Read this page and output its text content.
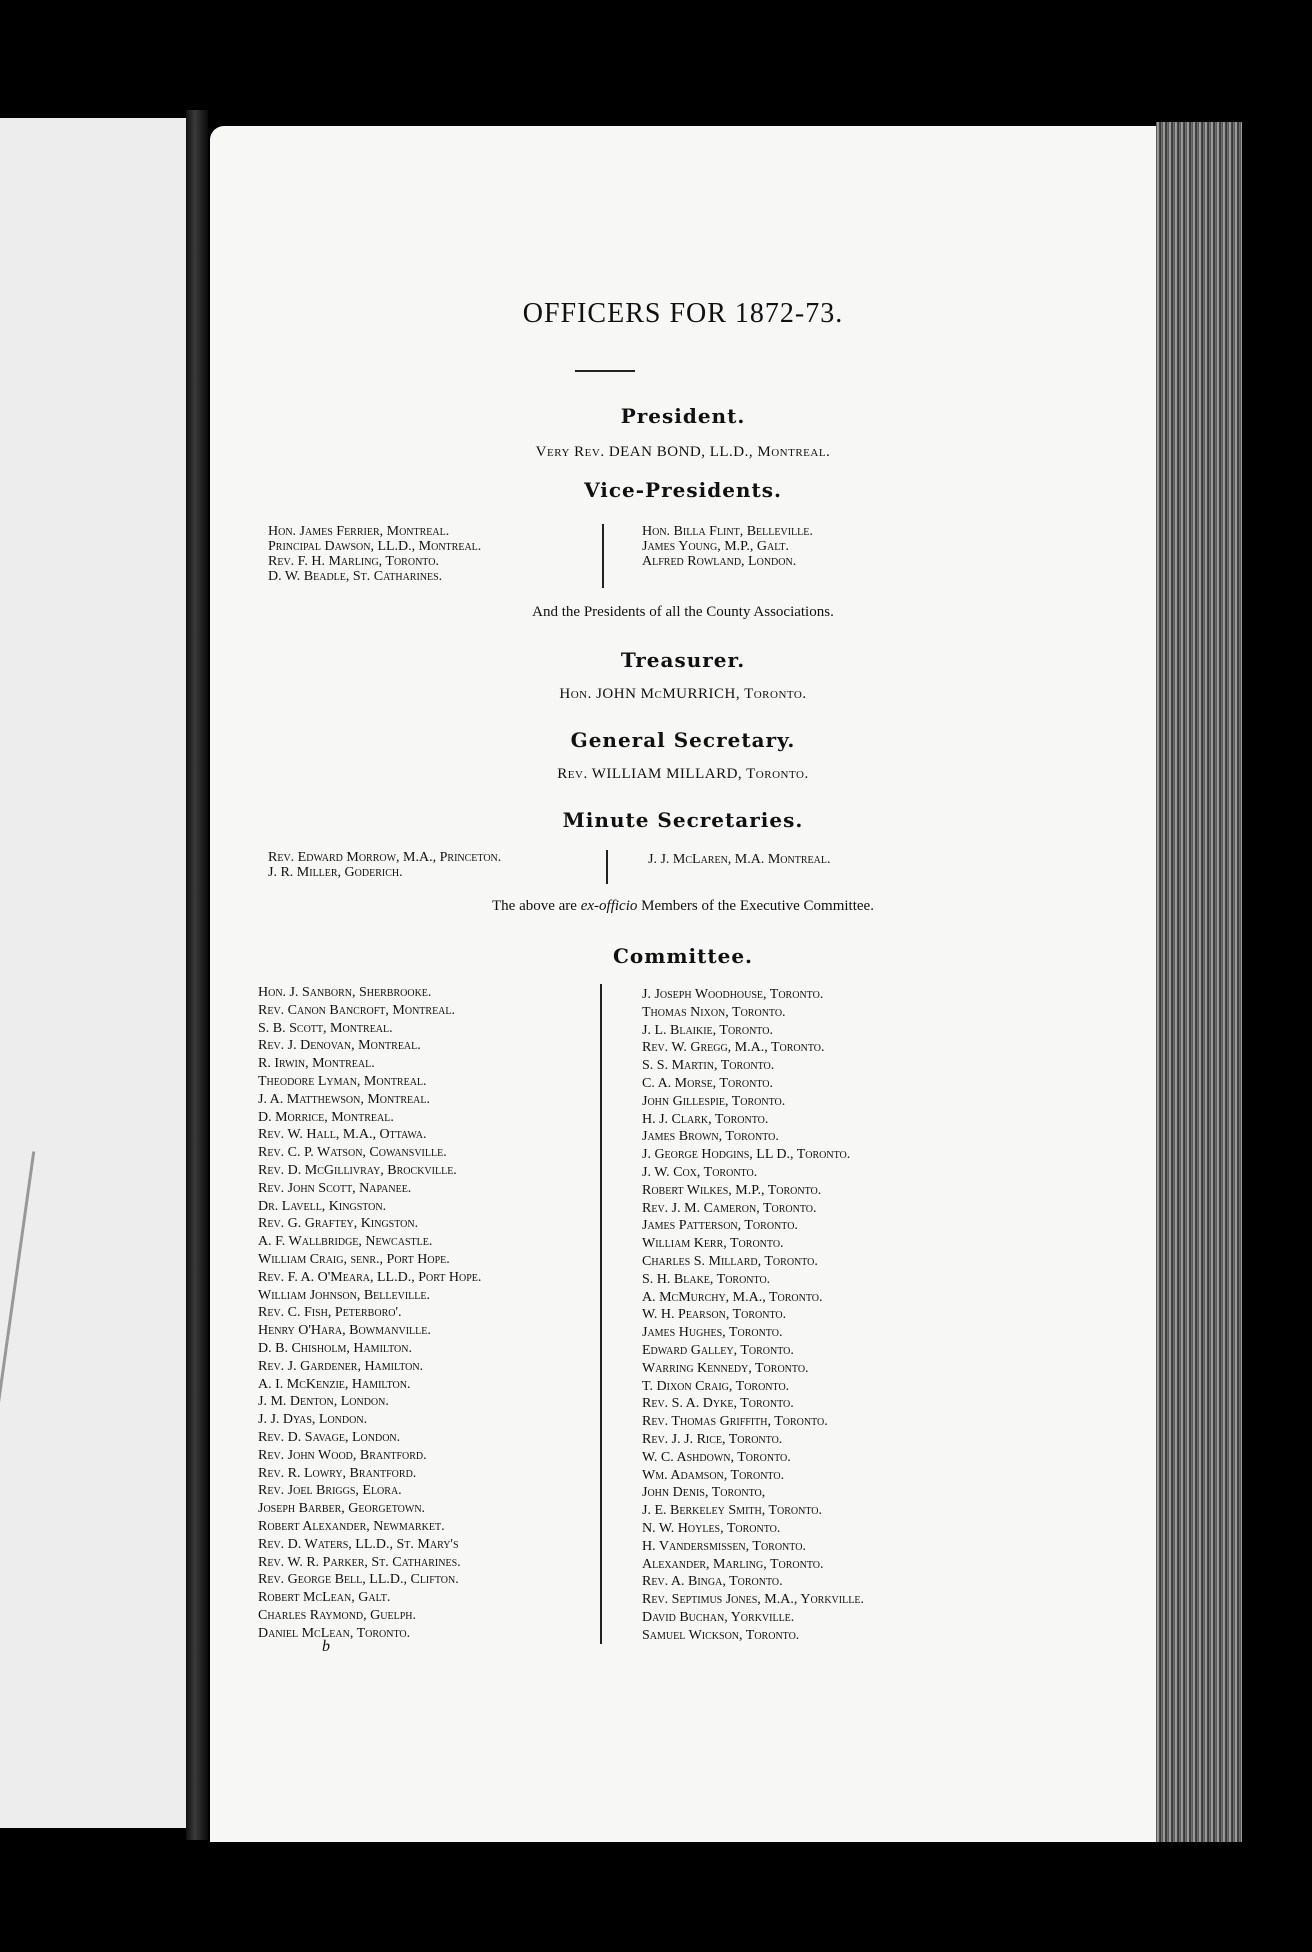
OFFICERS FOR 1872-73.
President.
Very Rev. DEAN BOND, LL.D., Montreal.
Vice-Presidents.
Hon. James Ferrier, Montreal.
Principal Dawson, LL.D., Montreal.
Rev. F. H. Marling, Toronto.
D. W. Beadle, St. Catharines.
Hon. Billa Flint, Belleville.
James Young, M.P., Galt.
Alfred Rowland, London.
And the Presidents of all the County Associations.
Treasurer.
Hon. JOHN McMURRICH, Toronto.
General Secretary.
Rev. WILLIAM MILLARD, Toronto.
Minute Secretaries.
Rev. Edward Morrow, M.A., Princeton.
J. R. Miller, Goderich.
J. J. McLaren, M.A. Montreal.
The above are ex-officio Members of the Executive Committee.
Committee.
Hon. J. Sanborn, Sherbrooke.
Rev. Canon Bancroft, Montreal.
S. B. Scott, Montreal.
Rev. J. Denovan, Montreal.
R. Irwin, Montreal.
Theodore Lyman, Montreal.
J. A. Matthewson, Montreal.
D. Morrice, Montreal.
Rev. W. Hall, M.A., Ottawa.
Rev. C. P. Watson, Cowansville.
Rev. D. McGillivray, Brockville.
Rev. John Scott, Napanee.
Dr. Lavell, Kingston.
Rev. G. Graftey, Kingston.
A. F. Wallbridge, Newcastle.
William Craig, senr., Port Hope.
Rev. F. A. O'Meara, LL.D., Port Hope.
William Johnson, Belleville.
Rev. C. Fish, Peterboro'.
Henry O'Hara, Bowmanville.
D. B. Chisholm, Hamilton.
Rev. J. Gardener, Hamilton.
A. I. McKenzie, Hamilton.
J. M. Denton, London.
J. J. Dyas, London.
Rev. D. Savage, London.
Rev. John Wood, Brantford.
Rev. R. Lowry, Brantford.
Rev. Joel Briggs, Elora.
Joseph Barber, Georgetown.
Robert Alexander, Newmarket.
Rev. D. Waters, LL.D., St. Mary's
Rev. W. R. Parker, St. Catharines.
Rev. George Bell, LL.D., Clifton.
Robert McLean, Galt.
Charles Raymond, Guelph.
Daniel McLean, Toronto.
J. Joseph Woodhouse, Toronto.
Thomas Nixon, Toronto.
J. L. Blaikie, Toronto.
Rev. W. Gregg, M.A., Toronto.
S. S. Martin, Toronto.
C. A. Morse, Toronto.
John Gillespie, Toronto.
H. J. Clark, Toronto.
James Brown, Toronto.
J. George Hodgins, LL D., Toronto.
J. W. Cox, Toronto.
Robert Wilkes, M.P., Toronto.
Rev. J. M. Cameron, Toronto.
James Patterson, Toronto.
William Kerr, Toronto.
Charles S. Millard, Toronto.
S. H. Blake, Toronto.
A. McMurchy, M.A., Toronto.
W. H. Pearson, Toronto.
James Hughes, Toronto.
Edward Galley, Toronto.
Warring Kennedy, Toronto.
T. Dixon Craig, Toronto.
Rev. S. A. Dyke, Toronto.
Rev. Thomas Griffith, Toronto.
Rev. J. J. Rice, Toronto.
W. C. Ashdown, Toronto.
Wm. Adamson, Toronto.
John Denis, Toronto,
J. E. Berkeley Smith, Toronto.
N. W. Hoyles, Toronto.
H. Vandersmissen, Toronto.
Alexander, Marling, Toronto.
Rev. A. Binga, Toronto.
Rev. Septimus Jones, M.A., Yorkville.
David Buchan, Yorkville.
Samuel Wickson, Toronto.
b
